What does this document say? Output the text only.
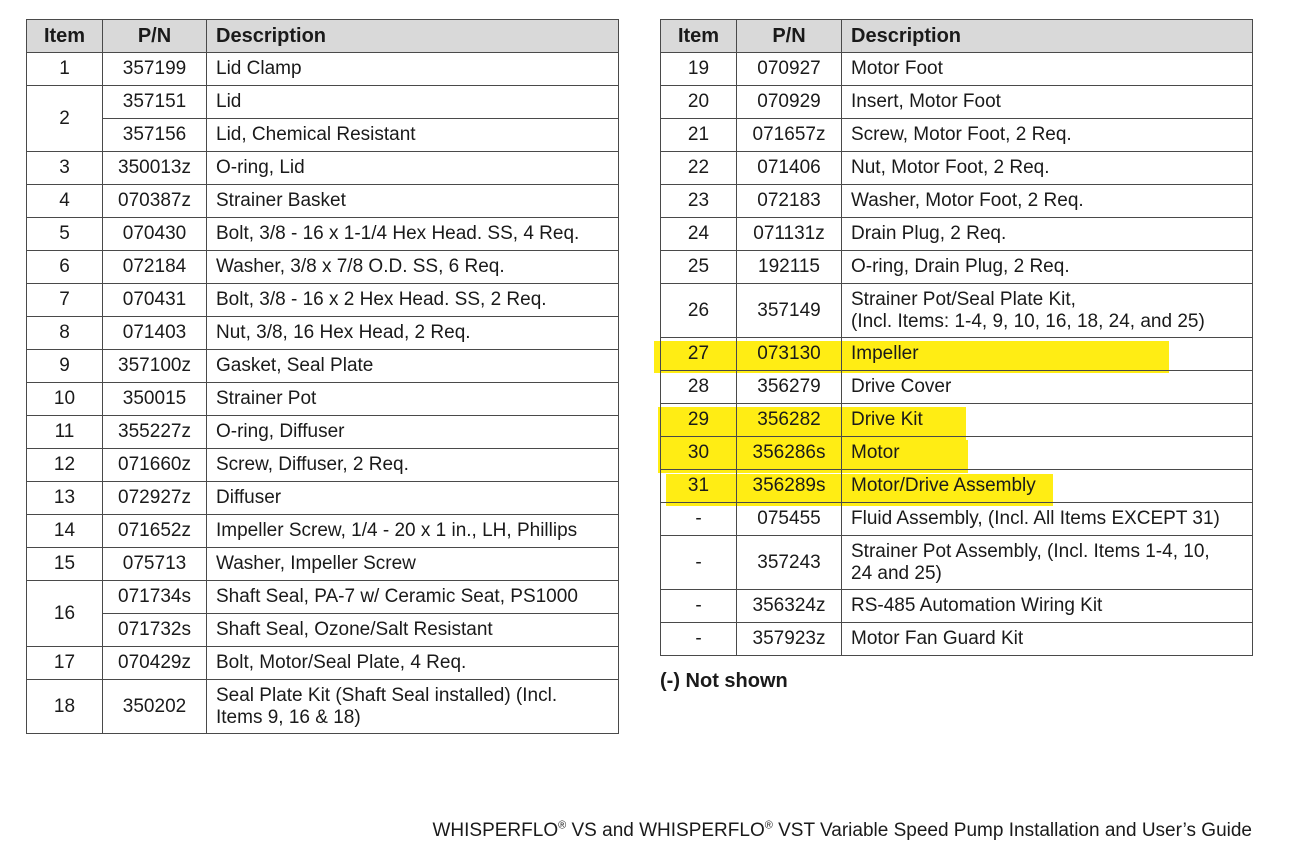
Item	P/N	Description
1	357199	Lid Clamp

2	357151	Lid

	357156	Lid, Chemical Resistant

3	350013z	O-ring, Lid

4	070387z	Strainer Basket

5	070430	Bolt, 3/8 - 16 x 1-1/4 Hex Head. SS, 4 Req.

6	072184	Washer, 3/8 x 7/8 O.D. SS, 6 Req.

7	070431	Bolt, 3/8 - 16 x 2 Hex Head. SS, 2 Req.

8	071403	Nut, 3/8, 16 Hex Head, 2 Req.

9	357100z	Gasket, Seal Plate

10	350015	Strainer Pot

11	355227z	O-ring, Diffuser

12	071660z	Screw, Diffuser, 2 Req.

13	072927z	Diffuser

14	071652z	Impeller Screw, 1/4 - 20 x 1 in., LH, Phillips

15	075713	Washer, Impeller Screw

16	071734s	Shaft Seal, PA-7 w/ Ceramic Seat, PS1000

	071732s	Shaft Seal, Ozone/Salt Resistant

17	070429z	Bolt, Motor/Seal Plate, 4 Req.

18	350202	Seal Plate Kit (Shaft Seal installed) (Incl.
Items 9, 16 & 18)
Item	P/N	Description
19	070927	Motor Foot

20	070929	Insert, Motor Foot

21	071657z	Screw, Motor Foot, 2 Req.

22	071406	Nut, Motor Foot, 2 Req.

23	072183	Washer, Motor Foot, 2 Req.

24	071131z	Drain Plug, 2 Req.

25	192115	O-ring, Drain Plug, 2 Req.

26	357149	Strainer Pot/Seal Plate Kit,
(Incl. Items: 1-4, 9, 10, 16, 18, 24, and 25)

27	073130	Impeller

28	356279	Drive Cover

29	356282	Drive Kit

30	356286s	Motor

31	356289s	Motor/Drive Assembly

-	075455	Fluid Assembly, (Incl. All Items EXCEPT 31)

-	357243	Strainer Pot Assembly, (Incl. Items 1-4, 10,
24 and 25)

-	356324z	RS-485 Automation Wiring Kit

-	357923z	Motor Fan Guard Kit
(-) Not shown
WHISPERFLO® VS and WHISPERFLO® VST Variable Speed Pump Installation and User’s Guide
